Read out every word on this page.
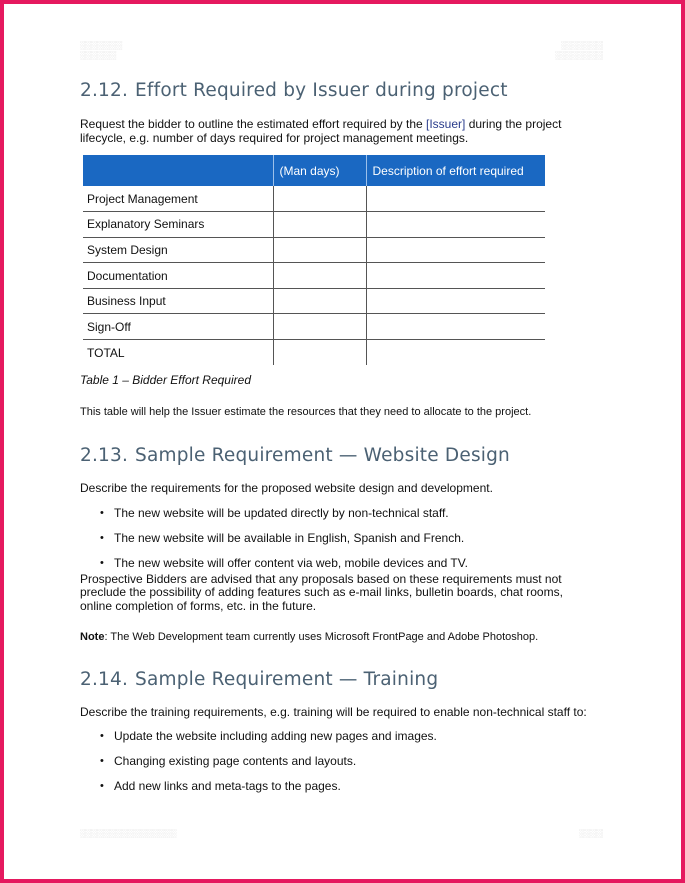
░░░░░░░
░░░░░░
░░░░░░░
░░░░░░░░
2.12. Effort Required by Issuer during project

Request the bidder to outline the estimated effort required by the [Issuer] during the project lifecycle, e.g. number of days required for project management meetings.

	(Man days)	Description of effort required
Project Management		
Explanatory Seminars		
System Design		
Documentation		
Business Input		
Sign-Off		
TOTAL		

Table 1 – Bidder Effort Required

This table will help the Issuer estimate the resources that they need to allocate to the project.

2.13. Sample Requirement — Website Design

Describe the requirements for the proposed website design and development.

• The new website will be updated directly by non-technical staff.
• The new website will be available in English, Spanish and French.
• The new website will offer content via web, mobile devices and TV.

Prospective Bidders are advised that any proposals based on these requirements must not preclude the possibility of adding features such as e-mail links, bulletin boards, chat rooms, online completion of forms, etc. in the future.

Note: The Web Development team currently uses Microsoft FrontPage and Adobe Photoshop.

2.14. Sample Requirement — Training

Describe the training requirements, e.g. training will be required to enable non-technical staff to:

• Update the website including adding new pages and images.
• Changing existing page contents and layouts.
• Add new links and meta-tags to the pages.
░░░░░░░░░░░░░░░░	░░░░
